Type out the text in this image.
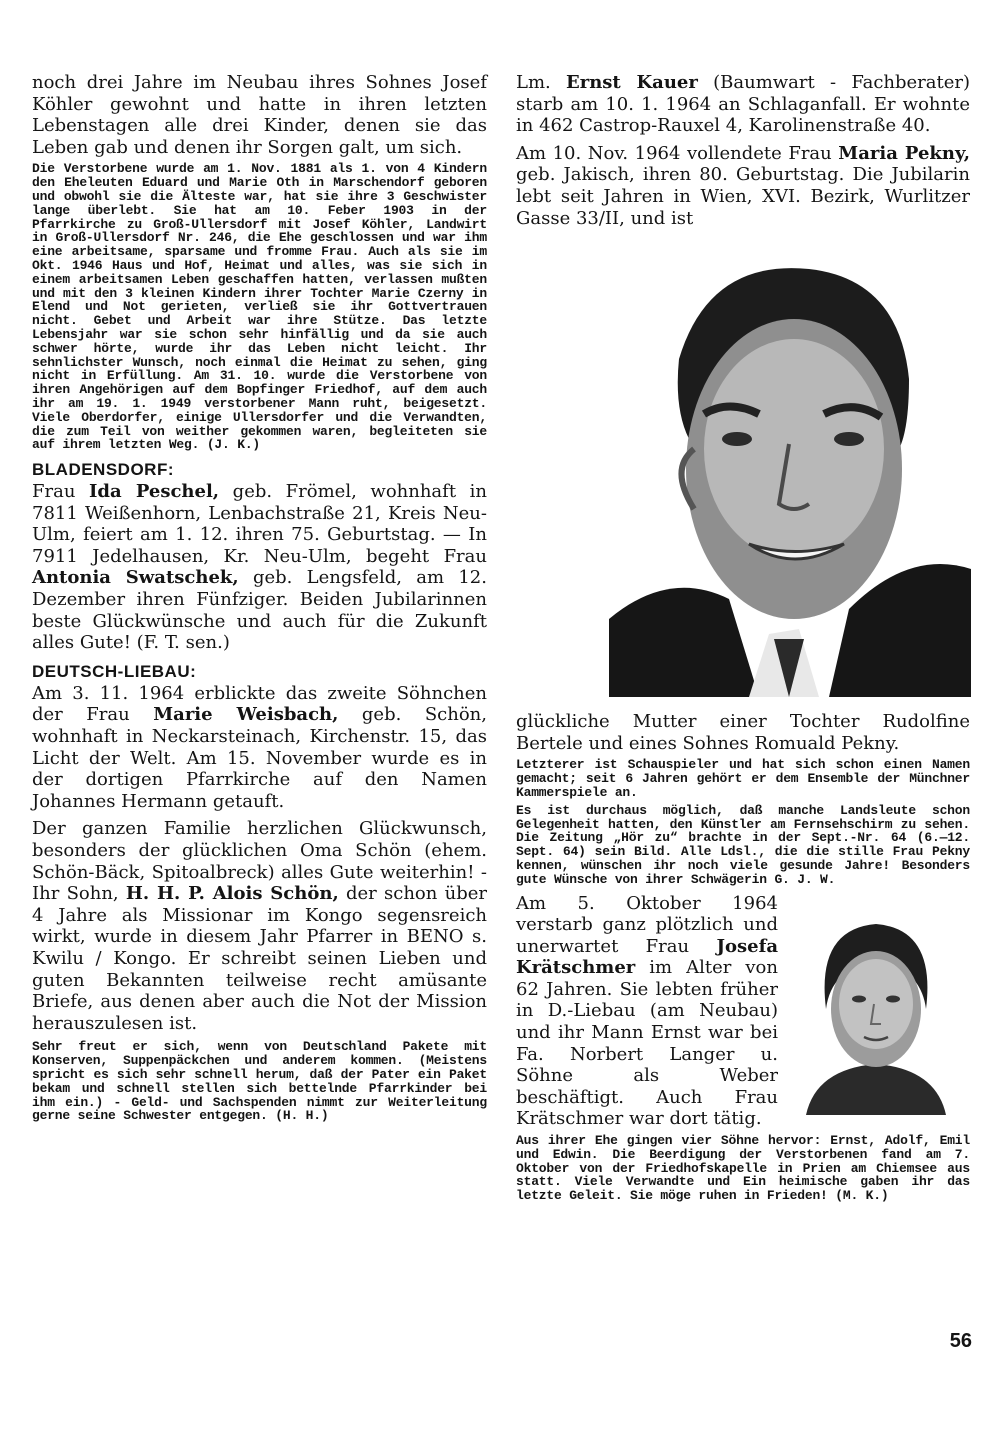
noch drei Jahre im Neubau ihres Sohnes Josef Köhler gewohnt und hatte in ihren letzten Lebenstagen alle drei Kinder, denen sie das Leben gab und denen ihr Sorgen galt, um sich.

Die Verstorbene wurde am 1. Nov. 1881 als 1. von 4 Kindern den Eheleuten Eduard und Marie Oth in Marschendorf geboren und obwohl sie die Älteste war, hat sie ihre 3 Geschwister lange überlebt. Sie hat am 10. Feber 1903 in der Pfarrkirche zu Groß-Ullersdorf mit Josef Köhler, Landwirt in Groß-Ullersdorf Nr. 246, die Ehe geschlossen und war ihm eine arbeitsame, sparsame und fromme Frau. Auch als sie im Okt. 1946 Haus und Hof, Heimat und alles, was sie sich in einem arbeitsamen Leben geschaffen hatten, verlassen mußten und mit den 3 kleinen Kindern ihrer Tochter Marie Czerny in Elend und Not gerieten, verließ sie ihr Gottvertrauen nicht. Gebet und Arbeit war ihre Stütze. Das letzte Lebensjahr war sie schon sehr hinfällig und da sie auch schwer hörte, wurde ihr das Leben nicht leicht. Ihr sehnlichster Wunsch, noch einmal die Heimat zu sehen, ging nicht in Erfüllung. Am 31. 10. wurde die Verstorbene von ihren Angehörigen auf dem Bopfinger Friedhof, auf dem auch ihr am 19. 1. 1949 verstorbener Mann ruht, beigesetzt. Viele Oberdorfer, einige Ullersdorfer und die Verwandten, die zum Teil von weither gekommen waren, begleiteten sie auf ihrem letzten Weg. (J. K.)

BLADENSDORF:

Frau Ida Peschel, geb. Frömel, wohnhaft in 7811 Weißenhorn, Lenbachstraße 21, Kreis Neu-Ulm, feiert am 1. 12. ihren 75. Geburtstag. — In 7911 Jedelhausen, Kr. Neu-Ulm, begeht Frau Antonia Swatschek, geb. Lengsfeld, am 12. Dezember ihren Fünfziger. Beiden Jubilarinnen beste Glückwünsche und auch für die Zukunft alles Gute! (F. T. sen.)

DEUTSCH-LIEBAU:

Am 3. 11. 1964 erblickte das zweite Söhnchen der Frau Marie Weisbach, geb. Schön, wohnhaft in Neckarsteinach, Kirchenstr. 15, das Licht der Welt. Am 15. November wurde es in der dortigen Pfarrkirche auf den Namen Johannes Hermann getauft.

Der ganzen Familie herzlichen Glückwunsch, besonders der glücklichen Oma Schön (ehem. Schön-Bäck, Spitoalbreck) alles Gute weiterhin! - Ihr Sohn, H. H. P. Alois Schön, der schon über 4 Jahre als Missionar im Kongo segensreich wirkt, wurde in diesem Jahr Pfarrer in BENO s. Kwilu / Kongo. Er schreibt seinen Lieben und guten Bekannten teilweise recht amüsante Briefe, aus denen aber auch die Not der Mission herauszulesen ist.

Sehr freut er sich, wenn von Deutschland Pakete mit Konserven, Suppenpäckchen und anderem kommen. (Meistens spricht es sich sehr schnell herum, daß der Pater ein Paket bekam und schnell stellen sich bettelnde Pfarrkinder bei ihm ein.) - Geld- und Sachspenden nimmt zur Weiterleitung gerne seine Schwester entgegen. (H. H.)

Lm. Ernst Kauer (Baumwart - Fachberater) starb am 10. 1. 1964 an Schlaganfall. Er wohnte in 462 Castrop-Rauxel 4, Karolinenstraße 40.

Am 10. Nov. 1964 vollendete Frau Maria Pekny, geb. Jakisch, ihren 80. Geburtstag. Die Jubilarin lebt seit Jahren in Wien, XVI. Bezirk, Wurlitzer Gasse 33/II, und ist

glückliche Mutter einer Tochter Rudolfine Bertele und eines Sohnes Romuald Pekny.

Letzterer ist Schauspieler und hat sich schon einen Namen gemacht; seit 6 Jahren gehört er dem Ensemble der Münchner Kammerspiele an.

Es ist durchaus möglich, daß manche Landsleute schon Gelegenheit hatten, den Künstler am Fernsehschirm zu sehen. Die Zeitung „Hör zu“ brachte in der Sept.-Nr. 64 (6.—12. Sept. 64) sein Bild. Alle Ldsl., die die stille Frau Pekny kennen, wünschen ihr noch viele gesunde Jahre! Besonders gute Wünsche von ihrer Schwägerin G. J. W.

Am 5. Oktober 1964 verstarb ganz plötzlich und unerwartet Frau Josefa Krätschmer im Alter von 62 Jahren. Sie lebten früher in D.-Liebau (am Neubau) und ihr Mann Ernst war bei Fa. Norbert Langer u. Söhne als Weber beschäftigt. Auch Frau Krätschmer war dort tätig.

Aus ihrer Ehe gingen vier Söhne hervor: Ernst, Adolf, Emil und Edwin. Die Beerdigung der Verstorbenen fand am 7. Oktober von der Friedhofskapelle in Prien am Chiemsee aus statt. Viele Verwandte und Ein heimische gaben ihr das letzte Geleit. Sie möge ruhen in Frieden! (M. K.)

56
